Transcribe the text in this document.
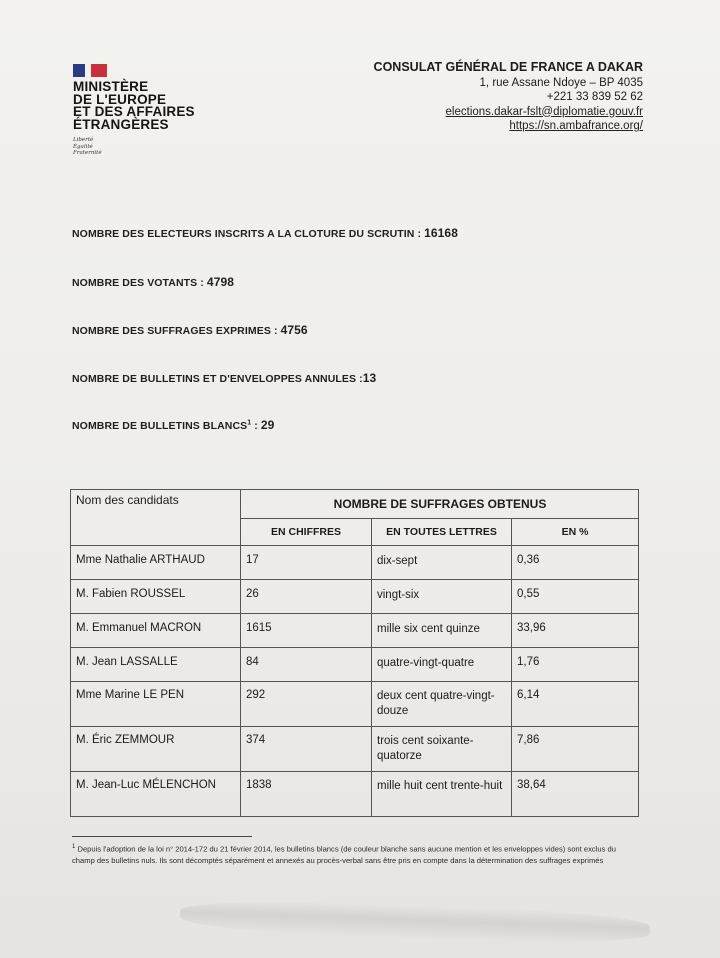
MINISTÈRE
DE L'EUROPE
ET DES AFFAIRES
ÉTRANGÈRES
Liberté
Égalité
Fraternité
CONSULAT GÉNÉRAL DE FRANCE A DAKAR
1, rue Assane Ndoye – BP 4035
+221 33 839 52 62
elections.dakar-fslt@diplomatie.gouv.fr
https://sn.ambafrance.org/
NOMBRE DES ELECTEURS INSCRITS A LA CLOTURE DU SCRUTIN : 16168
NOMBRE DES VOTANTS : 4798
NOMBRE DES SUFFRAGES EXPRIMES : 4756
NOMBRE DE BULLETINS ET D'ENVELOPPES ANNULES :13
NOMBRE DE BULLETINS BLANCS$^1$ : 29
Nom des candidats	NOMBRE DE SUFFRAGES OBTENUS		
	EN CHIFFRES	EN TOUTES LETTRES	EN %
Mme Nathalie ARTHAUD	17	dix-sept	0,36
M. Fabien ROUSSEL	26	vingt-six	0,55
M. Emmanuel MACRON	1615	mille six cent quinze	33,96
M. Jean LASSALLE	84	quatre-vingt-quatre	1,76
Mme Marine LE PEN	292	deux cent quatre-vingt-douze	6,14
M. Éric ZEMMOUR	374	trois cent soixante-quatorze	7,86
M. Jean-Luc MÉLENCHON	1838	mille huit cent trente-huit	38,64
$^1$ Depuis l'adoption de la loi n° 2014-172 du 21 février 2014, les bulletins blancs (de couleur blanche sans aucune mention et les enveloppes vides) sont exclus du champ des bulletins nuls. Ils sont décomptés séparément et annexés au procès-verbal sans être pris en compte dans la détermination des suffrages exprimés
